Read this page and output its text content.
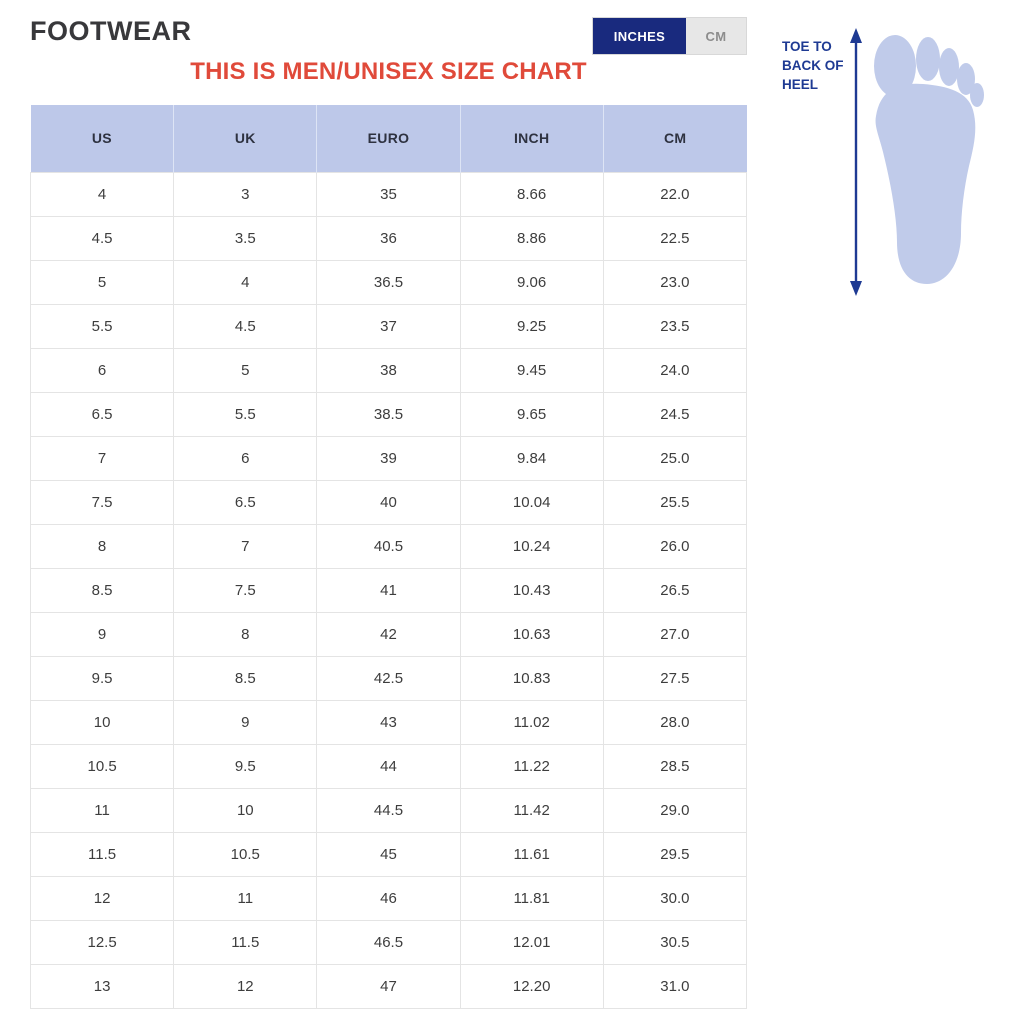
FOOTWEAR	INCHES	CM
THIS IS MEN/UNISEX SIZE CHART
US	UK	EURO	INCH	CM
4	3	35	8.66	22.0
4.5	3.5	36	8.86	22.5
5	4	36.5	9.06	23.0
5.5	4.5	37	9.25	23.5
6	5	38	9.45	24.0
6.5	5.5	38.5	9.65	24.5
7	6	39	9.84	25.0
7.5	6.5	40	10.04	25.5
8	7	40.5	10.24	26.0
8.5	7.5	41	10.43	26.5
9	8	42	10.63	27.0
9.5	8.5	42.5	10.83	27.5
10	9	43	11.02	28.0
10.5	9.5	44	11.22	28.5
11	10	44.5	11.42	29.0
11.5	10.5	45	11.61	29.5
12	11	46	11.81	30.0
12.5	11.5	46.5	12.01	30.5
13	12	47	12.20	31.0
TOE TO
BACK OF
HEEL
